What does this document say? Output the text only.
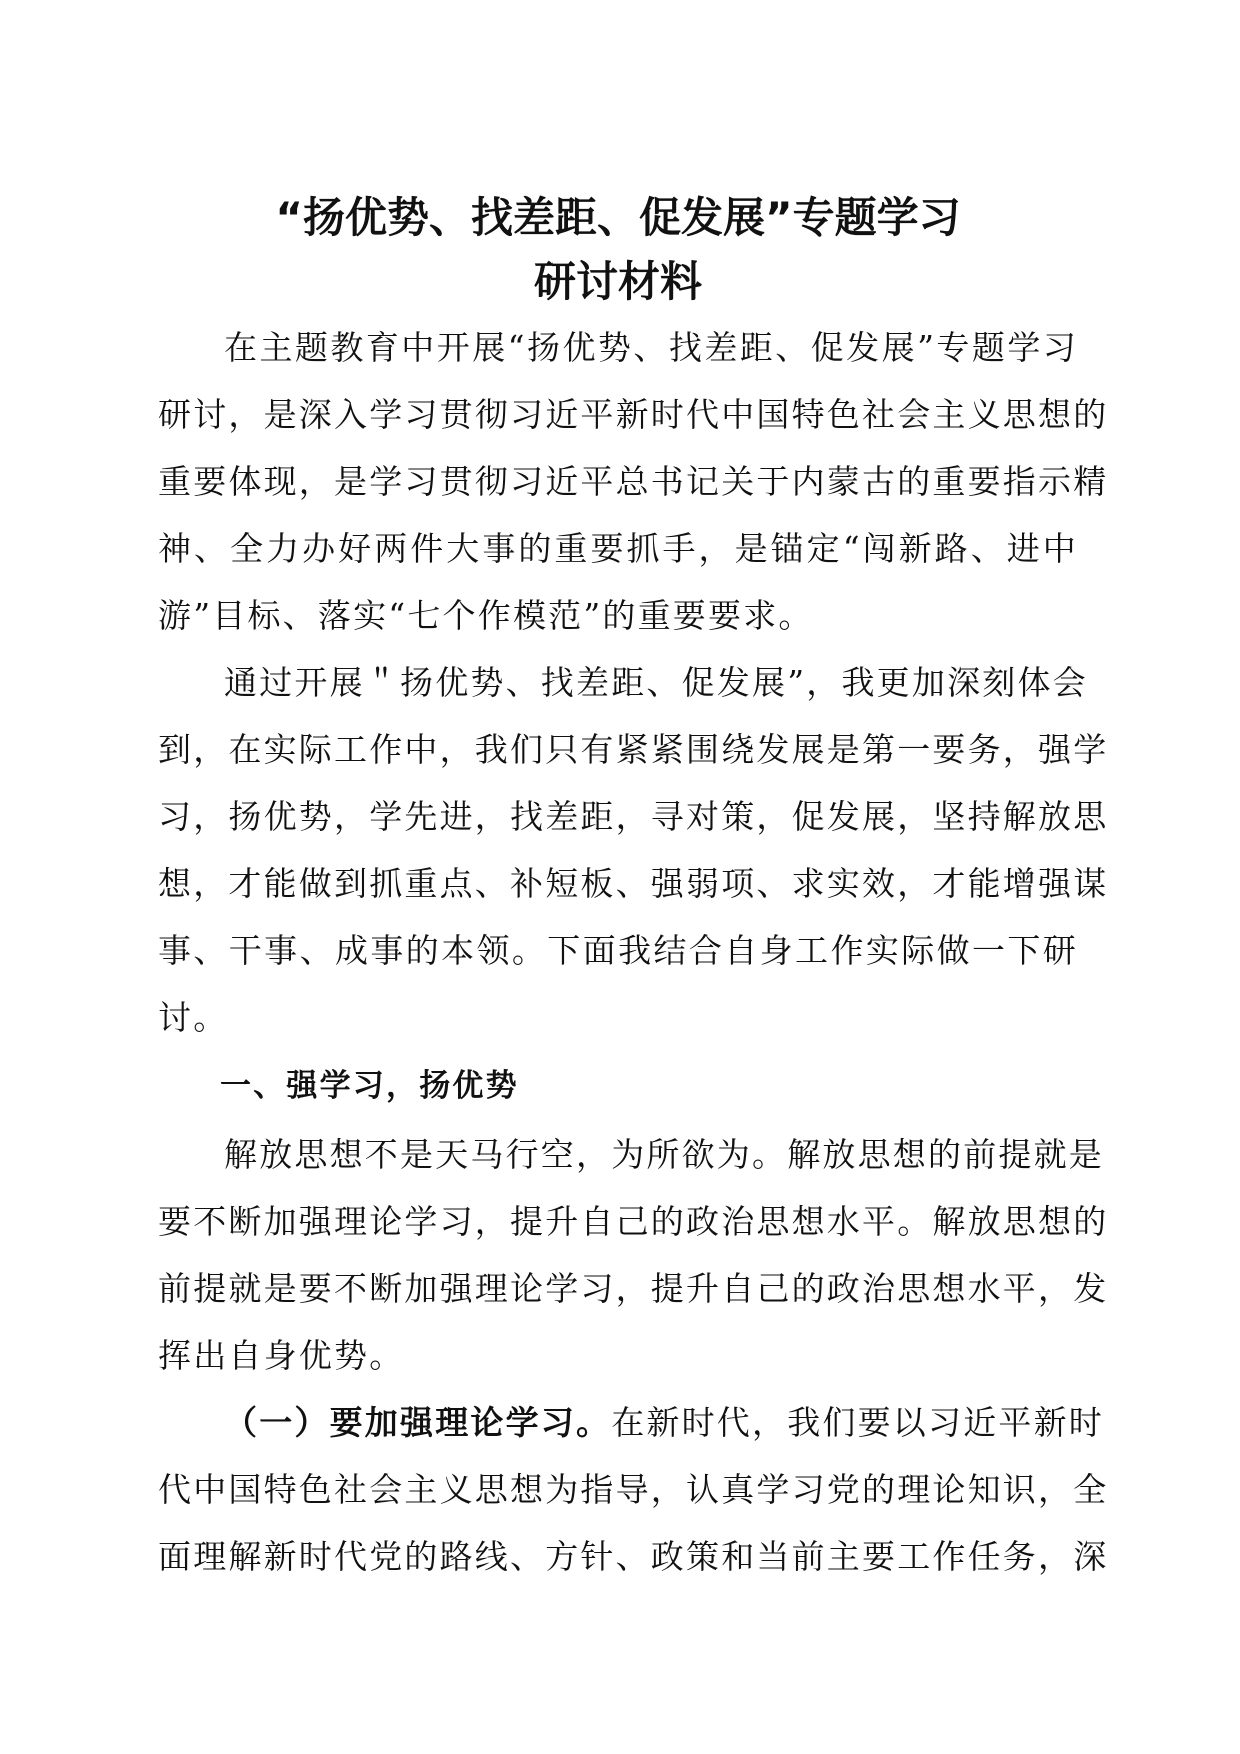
“扬优势、找差距、促发展”专题学习
研讨材料

在主题教育中开展“扬优势、找差距、促发展”专题学习
研讨，是深入学习贯彻习近平新时代中国特色社会主义思想的
重要体现，是学习贯彻习近平总书记关于内蒙古的重要指示精
神、全力办好两件大事的重要抓手，是锚定“闯新路、进中
游”目标、落实“七个作模范”的重要要求。

通过开展＂扬优势、找差距、促发展”，我更加深刻体会
到，在实际工作中，我们只有紧紧围绕发展是第一要务，强学
习，扬优势，学先进，找差距，寻对策，促发展，坚持解放思
想，才能做到抓重点、补短板、强弱项、求实效，才能增强谋
事、干事、成事的本领。下面我结合自身工作实际做一下研
讨。

一、强学习，扬优势

解放思想不是天马行空，为所欲为。解放思想的前提就是
要不断加强理论学习，提升自己的政治思想水平。解放思想的
前提就是要不断加强理论学习，提升自己的政治思想水平，发
挥出自身优势。

（一）要加强理论学习。在新时代，我们要以习近平新时
代中国特色社会主义思想为指导，认真学习党的理论知识，全
面理解新时代党的路线、方针、政策和当前主要工作任务，深
